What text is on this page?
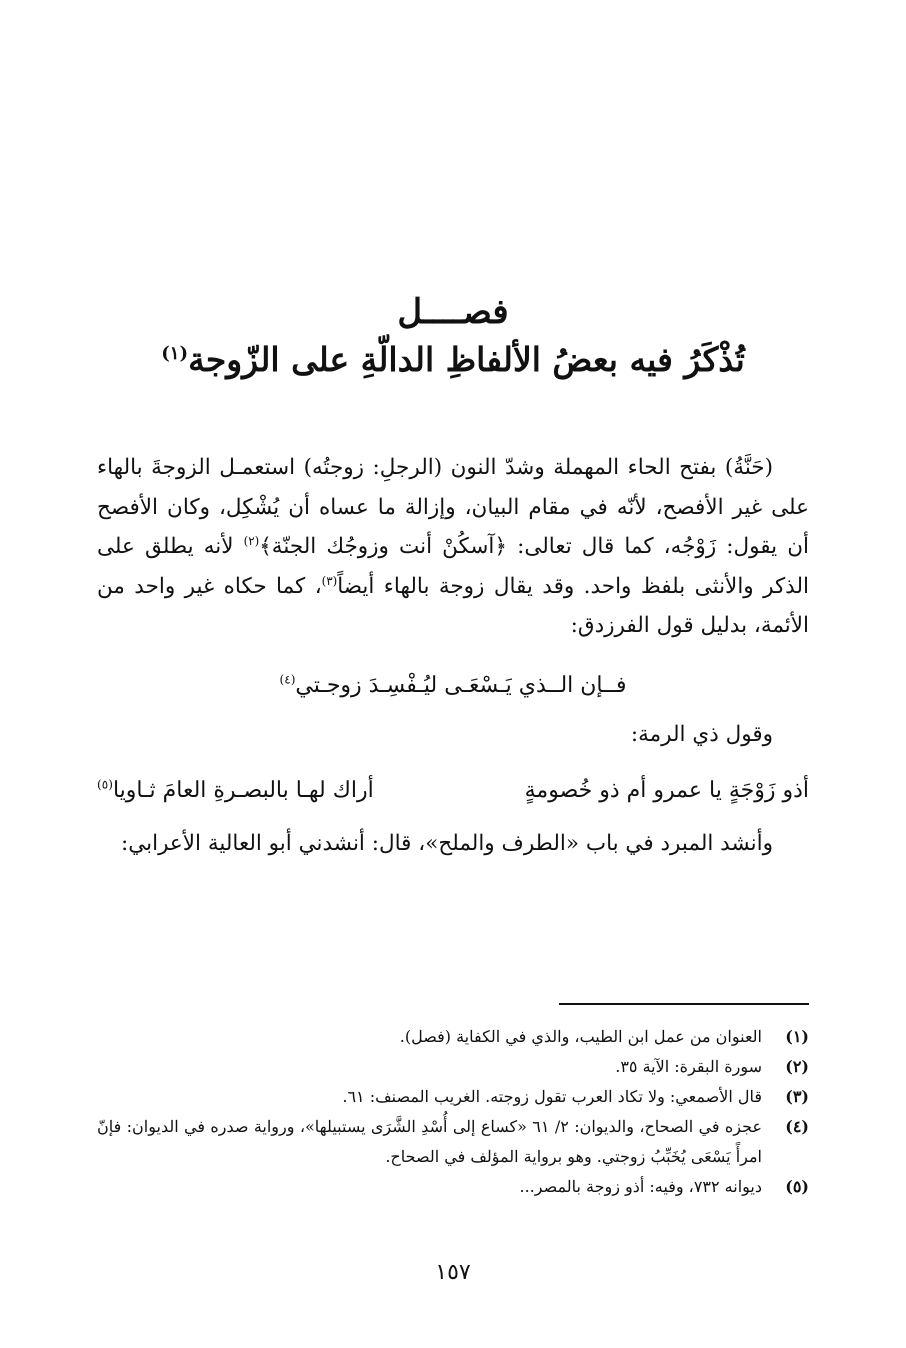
فصــــل
تُذْكَرُ فيه بعضُ الألفاظِ الدالّةِ على الزّوجة$^{(١)}$

(حَنَّةُ) بفتح الحاء المهملة وشدّ النون (الرجلِ: زوجتُه) استعمـل الزوجةَ بالهاء على غير الأفصح، لأنّه في مقام البيان، وإزالة ما عساه أن يُشْكِل، وكان الأفصح أن يقول: زَوْجُه، كما قال تعالى: ﴿آسكُنْ أنت وزوجُك الجنّة﴾$^{(٢)}$ لأنه يطلق على الذكر والأنثى بلفظ واحد. وقد يقال زوجة بالهاء أيضاً$^{(٣)}$، كما حكاه غير واحد من الأئمة، بدليل قول الفرزدق:

فــإن الــذي يَـسْعَـى ليُـفْسِـدَ زوجـتي$^{(٤)}$

وقول ذي الرمة:

أذو زَوْجَةٍ يا عمرو أم ذو خُصومةٍ
أراك لهـا بالبصـرةِ العامَ ثـاويا$^{(٥)}$

وأنشد المبرد في باب «الطرف والملح»، قال: أنشدني أبو العالية الأعرابي:

(١)
العنوان من عمل ابن الطيب، والذي في الكفاية (فصل).
(٢)
سورة البقرة: الآية ٣٥.
(٣)
قال الأصمعي: ولا تكاد العرب تقول زوجته. الغريب المصنف: ٦١.
(٤)
عجزه في الصحاح، والديوان: ٢/ ٦١ «كساع إلى أُسْدِ الشَّرَى يستبيلها»، ورواية صدره في الديوان: فإنّ امرأً يَسْعَى يُخَبِّبُ زوجتي. وهو برواية المؤلف في الصحاح.
(٥)
ديوانه ٧٣٢، وفيه: أذو زوجة بالمصر...
١٥٧
